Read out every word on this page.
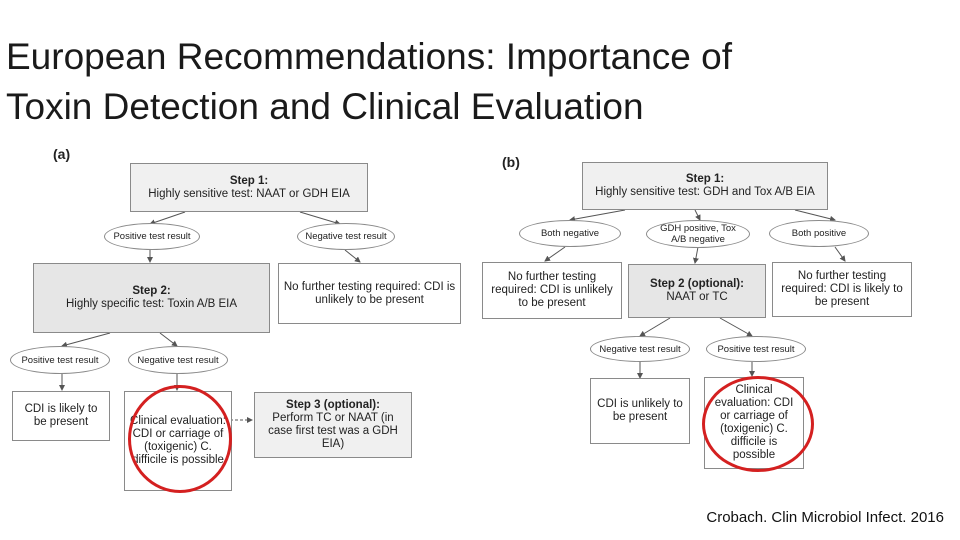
European Recommendations: Importance of
Toxin Detection and Clinical Evaluation
(a)
Step 1:
Highly sensitive test: NAAT or GDH EIA
Positive test result	Negative test result
Step 2:
Highly specific test: Toxin A/B EIA
No further testing required: CDI is unlikely to be present
Positive test result	Negative test result
CDI is likely to be present	Clinical evaluation: CDI or carriage of (toxigenic) C. difficile is possible
Step 3 (optional):
Perform TC or NAAT (in case first test was a GDH EIA)
(b)
Step 1:
Highly sensitive test: GDH and Tox A/B EIA
Both negative	GDH positive, Tox A/B negative
Both positive
No further testing required: CDI is unlikely to be present
Step 2 (optional):
NAAT or TC
No further testing required: CDI is likely to be present
Negative test result	Positive test result
CDI is unlikely to be present
Clinical evaluation: CDI or carriage of (toxigenic) C. difficile is possible
Crobach. Clin Microbiol Infect. 2016
